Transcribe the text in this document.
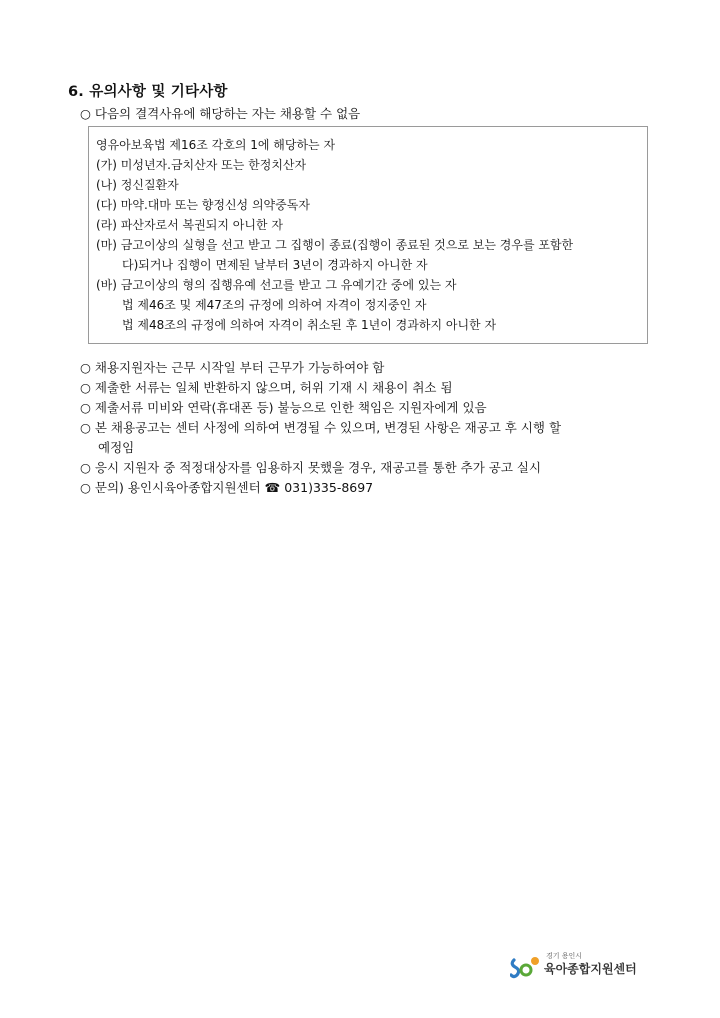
6. 유의사항 및 기타사항
○ 다음의 결격사유에 해당하는 자는 채용할 수 없음
영유아보육법 제16조 각호의 1에 해당하는 자
(가) 미성년자.금치산자 또는 한정치산자
(나) 정신질환자
(다) 마약.대마 또는 향정신성 의약중독자
(라) 파산자로서 복권되지 아니한 자
(마) 금고이상의 실형을 선고 받고 그 집행이 종료(집행이 종료된 것으로 보는 경우를 포함한
다)되거나 집행이 면제된 날부터 3년이 경과하지 아니한 자
(바) 금고이상의 형의 집행유예 선고를 받고 그 유예기간 중에 있는 자
법 제46조 및 제47조의 규정에 의하여 자격이 정지중인 자
법 제48조의 규정에 의하여 자격이 취소된 후 1년이 경과하지 아니한 자
○ 채용지원자는 근무 시작일 부터 근무가 가능하여야 함
○ 제출한 서류는 일체 반환하지 않으며, 허위 기재 시 채용이 취소 됨
○ 제출서류 미비와 연락(휴대폰 등) 불능으로 인한 책임은 지원자에게 있음
○ 본 채용공고는 센터 사정에 의하여 변경될 수 있으며, 변경된 사항은 재공고 후 시행 할
예정임
○ 응시 지원자 중 적정대상자를 임용하지 못했을 경우, 재공고를 통한 추가 공고 실시
○ 문의) 용인시육아종합지원센터 ☎ 031)335-8697
경기 용인시
육아종합지원센터
